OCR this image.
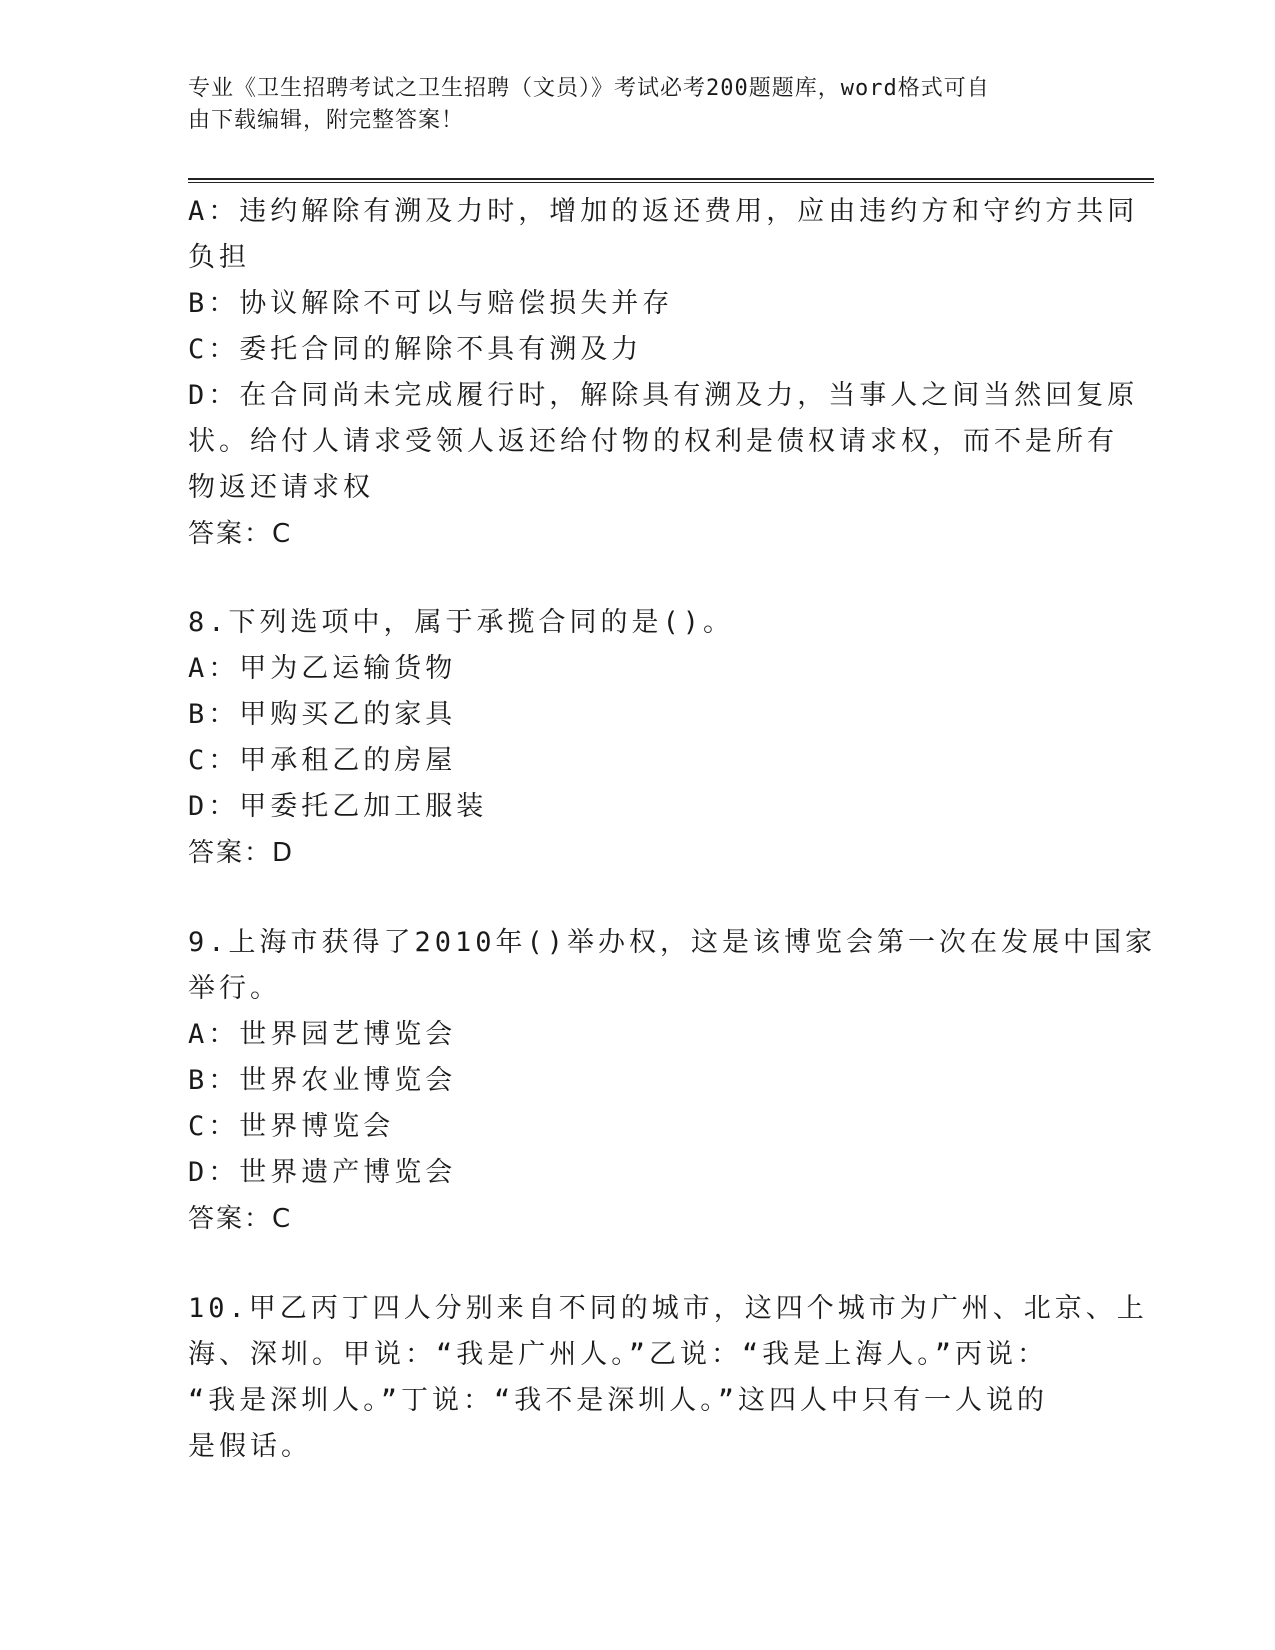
专业《卫生招聘考试之卫生招聘（文员）》考试必考200题题库，word格式可自
由下载编辑，附完整答案！
A：违约解除有溯及力时，增加的返还费用，应由违约方和守约方共同
负担
B：协议解除不可以与赔偿损失并存
C：委托合同的解除不具有溯及力
D：在合同尚未完成履行时，解除具有溯及力，当事人之间当然回复原
状。给付人请求受领人返还给付物的权利是债权请求权，而不是所有
物返还请求权
答案：C
8.下列选项中，属于承揽合同的是()。
A：甲为乙运输货物
B：甲购买乙的家具
C：甲承租乙的房屋
D：甲委托乙加工服装
答案：D
9.上海市获得了2010年()举办权，这是该博览会第一次在发展中国家
举行。
A：世界园艺博览会
B：世界农业博览会
C：世界博览会
D：世界遗产博览会
答案：C
10.甲乙丙丁四人分别来自不同的城市，这四个城市为广州、北京、上
海、深圳。甲说：“我是广州人。”乙说：“我是上海人。”丙说：
“我是深圳人。”丁说：“我不是深圳人。”这四人中只有一人说的
是假话。
